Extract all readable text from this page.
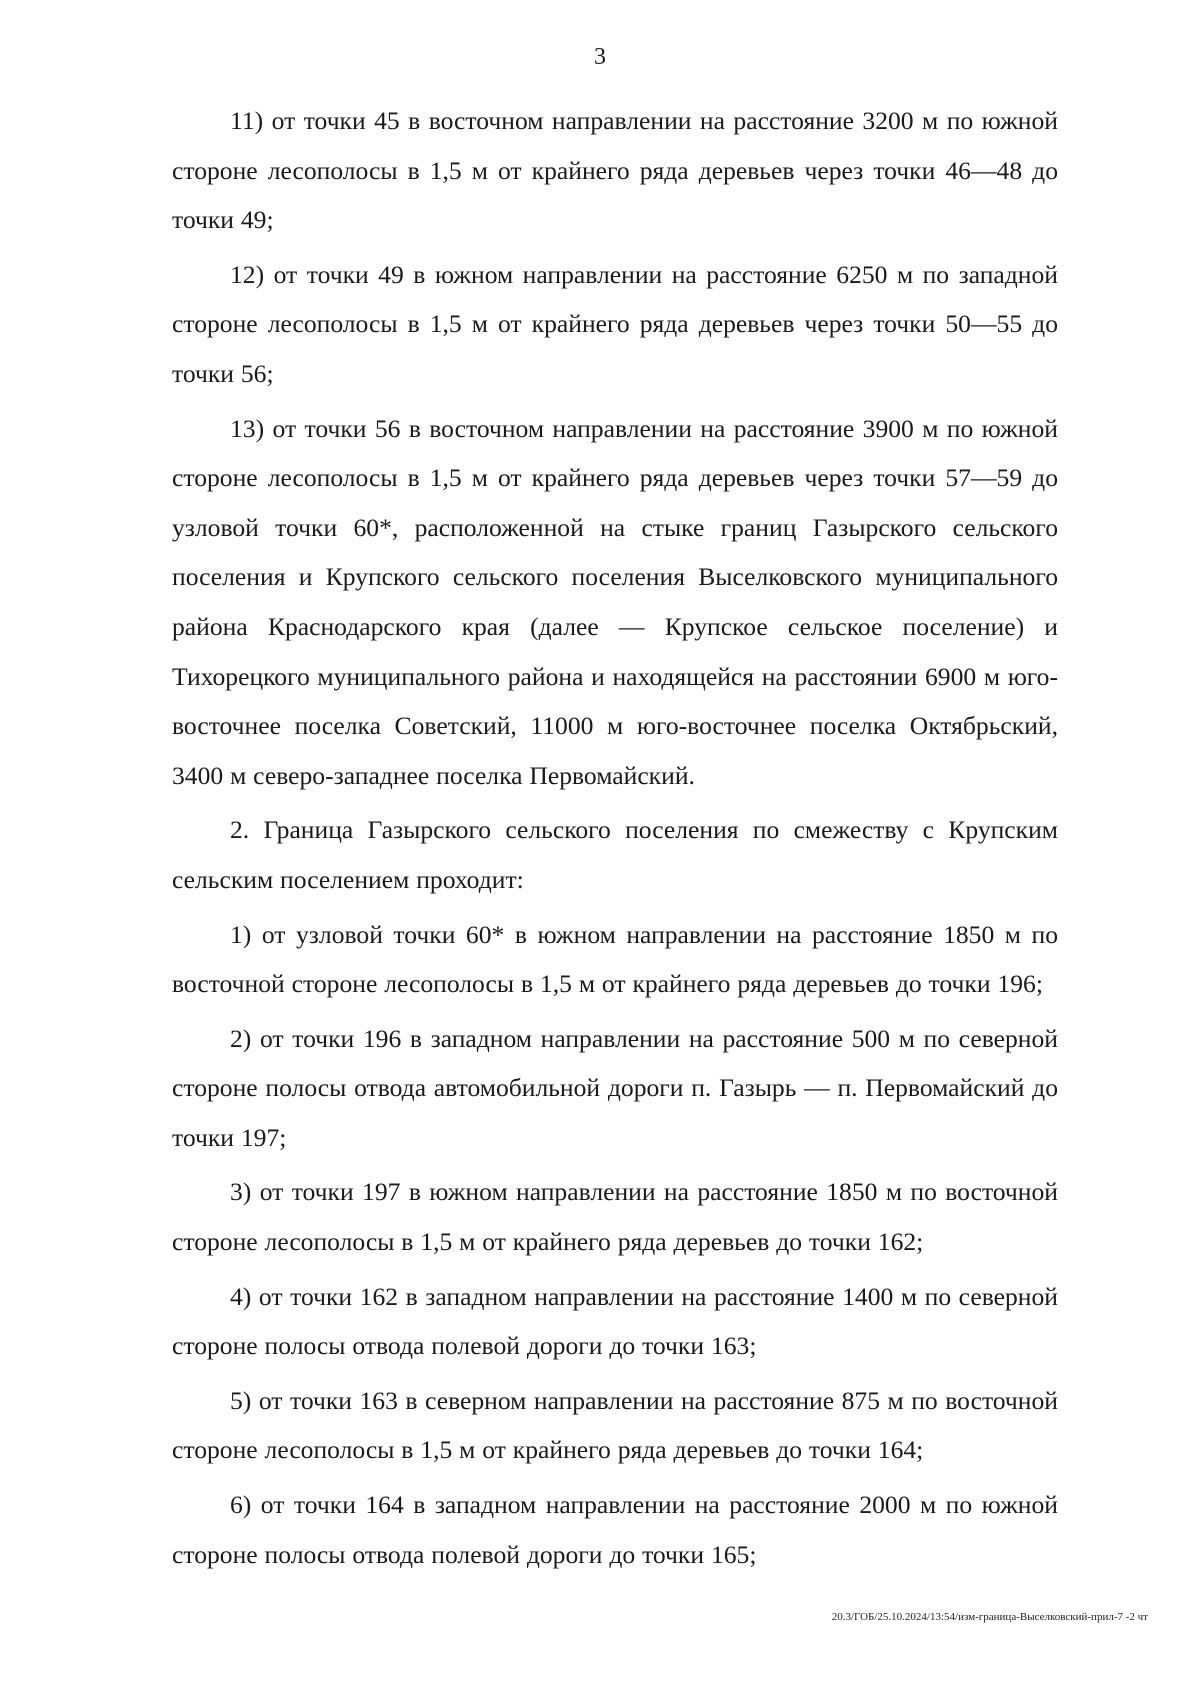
3

11) от точки 45 в восточном направлении на расстояние 3200 м по южной стороне лесополосы в 1,5 м от крайнего ряда деревьев через точки 46—48 до точки 49;

12) от точки 49 в южном направлении на расстояние 6250 м по западной стороне лесополосы в 1,5 м от крайнего ряда деревьев через точки 50—55 до точки 56;

13) от точки 56 в восточном направлении на расстояние 3900 м по южной стороне лесополосы в 1,5 м от крайнего ряда деревьев через точки 57—59 до узловой точки 60*, расположенной на стыке границ Газырского сельского поселения и Крупского сельского поселения Выселковского муниципального района Краснодарского края (далее — Крупское сельское поселение) и Тихорецкого муниципального района и находящейся на расстоянии 6900 м юго-восточнее поселка Советский, 11000 м юго-восточнее поселка Октябрьский, 3400 м северо-западнее поселка Первомайский.

2. Граница Газырского сельского поселения по смежеству с Крупским сельским поселением проходит:

1) от узловой точки 60* в южном направлении на расстояние 1850 м по восточной стороне лесополосы в 1,5 м от крайнего ряда деревьев до точки 196;

2) от точки 196 в западном направлении на расстояние 500 м по северной стороне полосы отвода автомобильной дороги п. Газырь — п. Первомайский до точки 197;

3) от точки 197 в южном направлении на расстояние 1850 м по восточной стороне лесополосы в 1,5 м от крайнего ряда деревьев до точки 162;

4) от точки 162 в западном направлении на расстояние 1400 м по северной стороне полосы отвода полевой дороги до точки 163;

5) от точки 163 в северном направлении на расстояние 875 м по восточной стороне лесополосы в 1,5 м от крайнего ряда деревьев до точки 164;

6) от точки 164 в западном направлении на расстояние 2000 м по южной стороне полосы отвода полевой дороги до точки 165;

20.3/ГОБ/25.10.2024/13:54/изм-граница-Выселковский-прил-7 -2 чт
